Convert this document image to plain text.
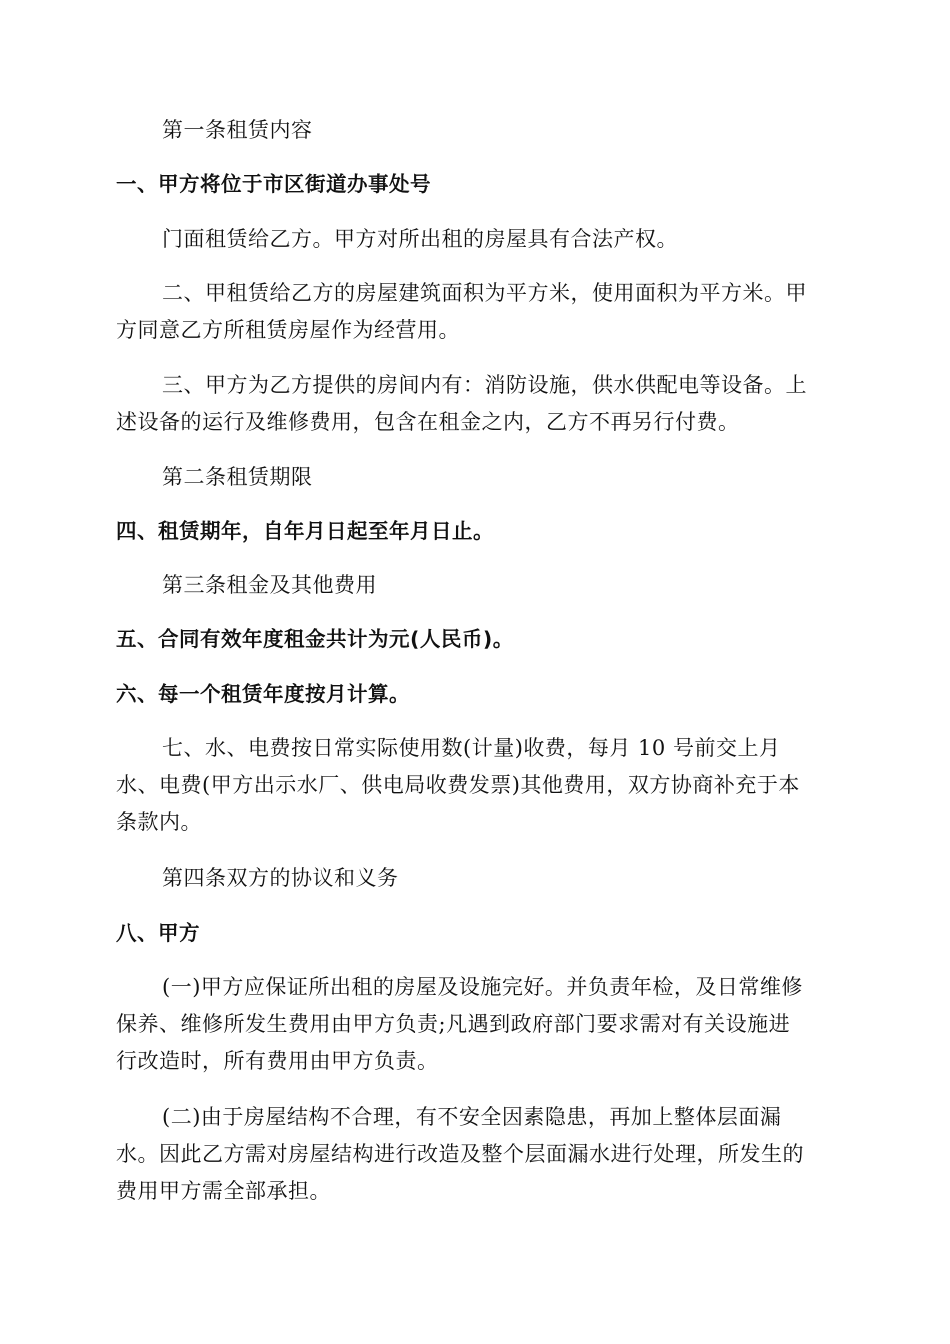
第一条租赁内容
一、甲方将位于市区街道办事处号
门面租赁给乙方。甲方对所出租的房屋具有合法产权。
二、甲租赁给乙方的房屋建筑面积为平方米，使用面积为平方米。甲
方同意乙方所租赁房屋作为经营用。
三、甲方为乙方提供的房间内有：消防设施，供水供配电等设备。上
述设备的运行及维修费用，包含在租金之内，乙方不再另行付费。
第二条租赁期限
四、租赁期年，自年月日起至年月日止。
第三条租金及其他费用
五、合同有效年度租金共计为元(人民币)。
六、每一个租赁年度按月计算。
七、水、电费按日常实际使用数(计量)收费，每月 10 号前交上月
水、电费(甲方出示水厂、供电局收费发票)其他费用，双方协商补充于本
条款内。
第四条双方的协议和义务
八、甲方
(一)甲方应保证所出租的房屋及设施完好。并负责年检，及日常维修
保养、维修所发生费用由甲方负责;凡遇到政府部门要求需对有关设施进
行改造时，所有费用由甲方负责。
(二)由于房屋结构不合理，有不安全因素隐患，再加上整体层面漏
水。因此乙方需对房屋结构进行改造及整个层面漏水进行处理，所发生的
费用甲方需全部承担。
